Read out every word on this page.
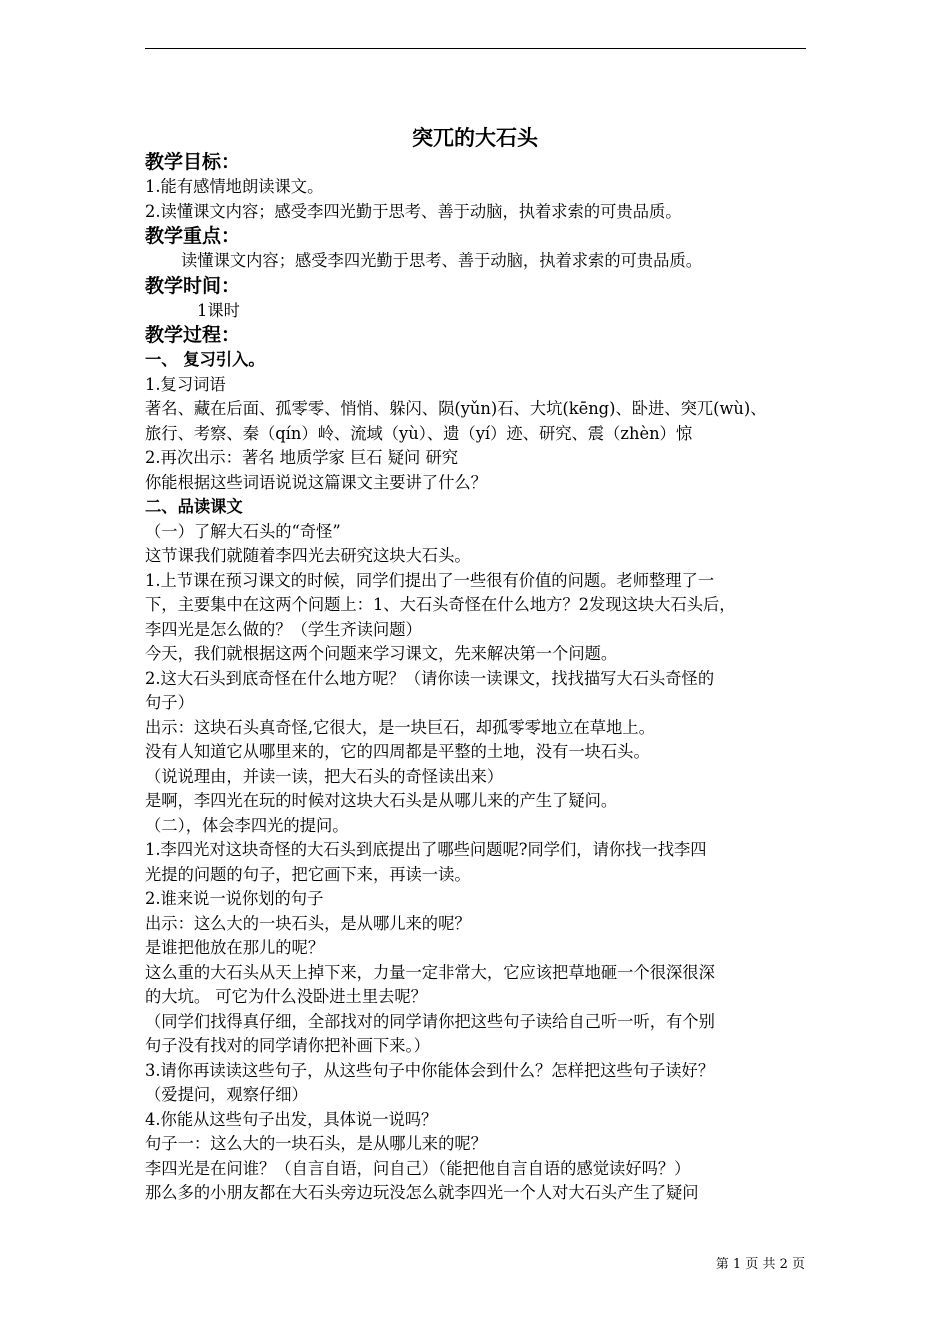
突兀的大石头
教学目标：
1.能有感情地朗读课文。
2.读懂课文内容；感受李四光勤于思考、善于动脑，执着求索的可贵品质。
教学重点：
读懂课文内容；感受李四光勤于思考、善于动脑，执着求索的可贵品质。
教学时间：
1课时
教学过程：
一、 复习引入。
1.复习词语
著名、藏在后面、孤零零、悄悄、躲闪、陨(yǔn)石、大坑(kēng)、卧进、突兀(wù)、
旅行、考察、秦（qín）岭、流域（yù）、遗（yí）迹、研究、震（zhèn）惊
2.再次出示：著名 地质学家 巨石 疑问 研究
你能根据这些词语说说这篇课文主要讲了什么？
二、品读课文
（一）了解大石头的“奇怪”
这节课我们就随着李四光去研究这块大石头。
1.上节课在预习课文的时候，同学们提出了一些很有价值的问题。老师整理了一
下，主要集中在这两个问题上：1、大石头奇怪在什么地方？2发现这块大石头后，
李四光是怎么做的？（学生齐读问题）
今天，我们就根据这两个问题来学习课文，先来解决第一个问题。
2.这大石头到底奇怪在什么地方呢？（请你读一读课文，找找描写大石头奇怪的
句子）
出示：这块石头真奇怪,它很大，是一块巨石，却孤零零地立在草地上。
没有人知道它从哪里来的，它的四周都是平整的土地，没有一块石头。
（说说理由，并读一读，把大石头的奇怪读出来）
是啊，李四光在玩的时候对这块大石头是从哪儿来的产生了疑问。
（二），体会李四光的提问。
1.李四光对这块奇怪的大石头到底提出了哪些问题呢?同学们，请你找一找李四
光提的问题的句子，把它画下来，再读一读。
2.谁来说一说你划的句子
出示：这么大的一块石头，是从哪儿来的呢？
是谁把他放在那儿的呢？
这么重的大石头从天上掉下来，力量一定非常大，它应该把草地砸一个很深很深
的大坑。 可它为什么没卧进土里去呢？
（同学们找得真仔细，全部找对的同学请你把这些句子读给自己听一听，有个别
句子没有找对的同学请你把补画下来。）
3.请你再读读这些句子，从这些句子中你能体会到什么？怎样把这些句子读好？
（爱提问，观察仔细）
4.你能从这些句子出发，具体说一说吗？
句子一：这么大的一块石头，是从哪儿来的呢？
李四光是在问谁？（自言自语，问自己）（能把他自言自语的感觉读好吗？）
那么多的小朋友都在大石头旁边玩没怎么就李四光一个人对大石头产生了疑问
第 1 页 共 2 页
